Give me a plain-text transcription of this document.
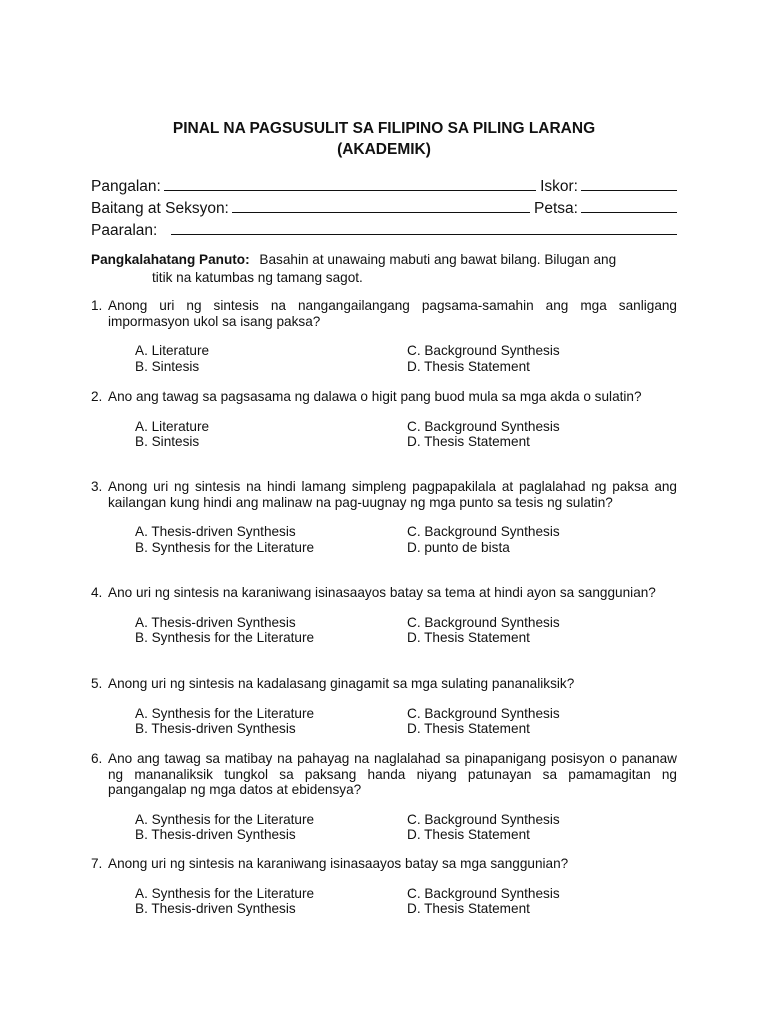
PINAL NA PAGSUSULIT SA FILIPINO SA PILING LARANG
(AKADEMIK)
Pangalan:	Iskor:
Baitang at Seksyon:	Petsa:
Paaralan:
Pangkalahatang Panuto: Basahin at unawaing mabuti ang bawat bilang. Bilugan ang
titik na katumbas ng tamang sagot.
1. Anong uri ng sintesis na nangangailangang pagsama-samahin ang mga sanligang impormasyon ukol sa isang paksa?
A. Literature	C. Background Synthesis
B. Sintesis	D. Thesis Statement
2. Ano ang tawag sa pagsasama ng dalawa o higit pang buod mula sa mga akda o sulatin?
A. Literature	C. Background Synthesis
B. Sintesis	D. Thesis Statement
3. Anong uri ng sintesis na hindi lamang simpleng pagpapakilala at paglalahad ng paksa ang kailangan kung hindi ang malinaw na pag-uugnay ng mga punto sa tesis ng sulatin?
A. Thesis-driven Synthesis	C. Background Synthesis
B. Synthesis for the Literature	D. punto de bista
4. Ano uri ng sintesis na karaniwang isinasaayos batay sa tema at hindi ayon sa sanggunian?
A. Thesis-driven Synthesis	C. Background Synthesis
B. Synthesis for the Literature	D. Thesis Statement
5. Anong uri ng sintesis na kadalasang ginagamit sa mga sulating pananaliksik?
A. Synthesis for the Literature	C. Background Synthesis
B. Thesis-driven Synthesis	D. Thesis Statement
6. Ano ang tawag sa matibay na pahayag na naglalahad sa pinapanigang posisyon o pananaw ng mananaliksik tungkol sa paksang handa niyang patunayan sa pamamagitan ng pangangalap ng mga datos at ebidensya?
A. Synthesis for the Literature	C. Background Synthesis
B. Thesis-driven Synthesis	D. Thesis Statement
7. Anong uri ng sintesis na karaniwang isinasaayos batay sa mga sanggunian?
A. Synthesis for the Literature	C. Background Synthesis
B. Thesis-driven Synthesis	D. Thesis Statement
